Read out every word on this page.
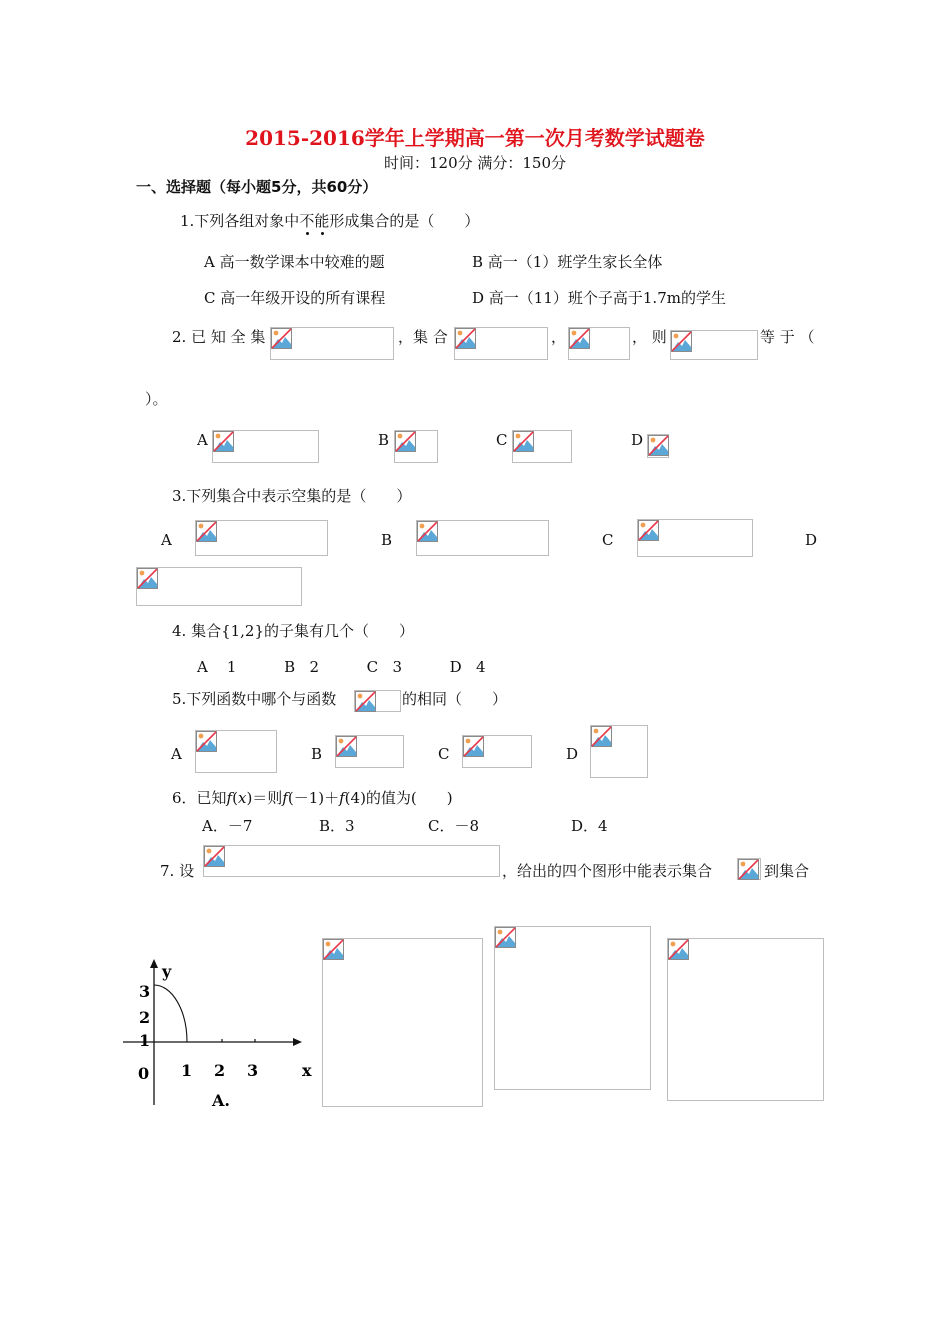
2015-2016学年上学期高一第一次月考数学试题卷
时间：120分 满分：150分
一、选择题（每小题5分，共60分）
1.下列各组对象中不能形成集合的是（　　）
A 高一数学课本中较难的题	B 高一（1）班学生家长全体
C 高一年级开设的所有课程	D 高一（11）班个子高于1.7m的学生
2. 已 知 全 集	，集 合	，	， 则	等 于 （
）。
A	B	C	D
3.下列集合中表示空集的是（　　）
A	B	C	D
4. 集合{1,2}的子集有几个（　　）
A    1          B   2          C   3          D   4
5.下列函数中哪个与函数	的相同（　　）
A	B	C	D
6．已知f(x)＝则f(－1)＋f(4)的值为(　　)
A．－7	B．3	C．－8	D．4
7. 设	，给出的四个图形中能表示集合	到集合
y
x
0 1 2 3
3
2
1
A.
